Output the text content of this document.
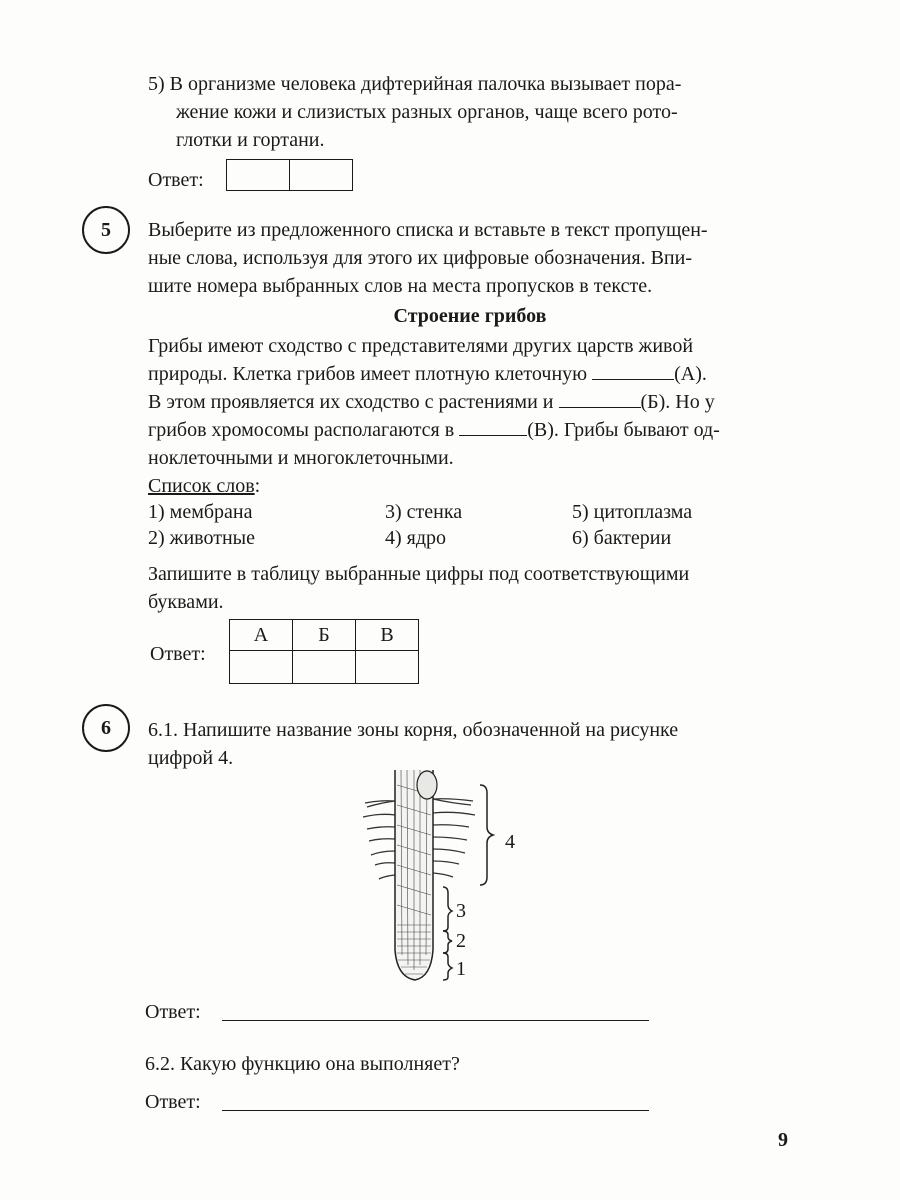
5) В организме человека дифтерийная палочка вызывает пора-
жение кожи и слизистых разных органов, чаще всего рото-
глотки и гортани.
Ответ:
5	Выберите из предложенного списка и вставьте в текст пропущен-
ные слова, используя для этого их цифровые обозначения. Впи-
шите номера выбранных слов на места пропусков в тексте.
Строение грибов
Грибы имеют сходство с представителями других царств живой
природы. Клетка грибов имеет плотную клеточную	(А).
В этом проявляется их сходство с растениями и	(Б). Но у
грибов хромосомы располагаются в	(В). Грибы бывают од-
ноклеточными и многоклеточными.
Список слов:
1) мембрана	3) стенка	5) цитоплазма
2) животные	4) ядро	6) бактерии
Запишите в таблицу выбранные цифры под соответствующими
буквами.
Ответ:
А	Б	В

6	6.1. Напишите название зоны корня, обозначенной на рисунке
цифрой 4.
4
3
2
1
Ответ:
6.2. Какую функцию она выполняет?
Ответ:
9
